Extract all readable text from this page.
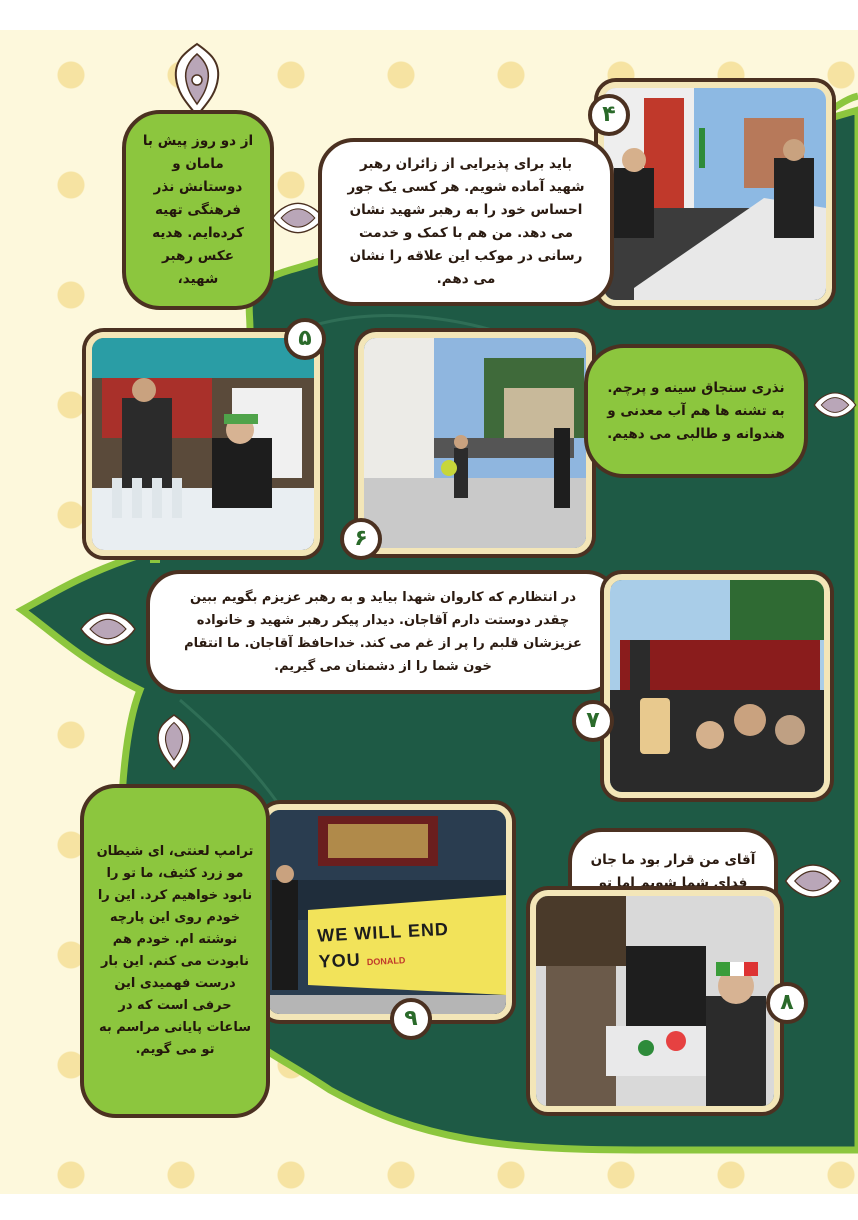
۴
باید برای پذیرایی از زائران رهبر شهید آماده شویم. هر کسی یک جور احساس خود را به رهبر شهید نشان می دهد. من هم با کمک و خدمت رسانی در موکب این علاقه را نشان می دهم.
از دو روز پیش با مامان و دوستانش نذر فرهنگی تهیه کرده‌ایم. هدیه عکس رهبر شهید،
۵
۶
نذری سنجاق سینه و پرچم. به تشنه ها هم آب معدنی و هندوانه و طالبی می دهیم.
در انتظارم که کاروان شهدا بیاید و به رهبر عزیزم بگویم ببین چقدر دوستت دارم آقاجان. دیدار پیکر رهبر شهید و خانواده عزیزشان قلبم را پر از غم می کند. خداحافظ آقاجان. ما انتقام خون شما را از دشمنان می گیریم.
۷
آقای من قرار بود ما جان فدای شما شویم اما تو
۸
WE WILL END
YOU DONALD
۹
ترامپ لعنتی، ای شیطان مو زرد کثیف، ما تو را نابود خواهیم کرد. این را خودم روی این پارچه نوشته ام. خودم هم نابودت می کنم. این بار درست فهمیدی این حرفی است که در ساعات پایانی مراسم به تو می گویم.
